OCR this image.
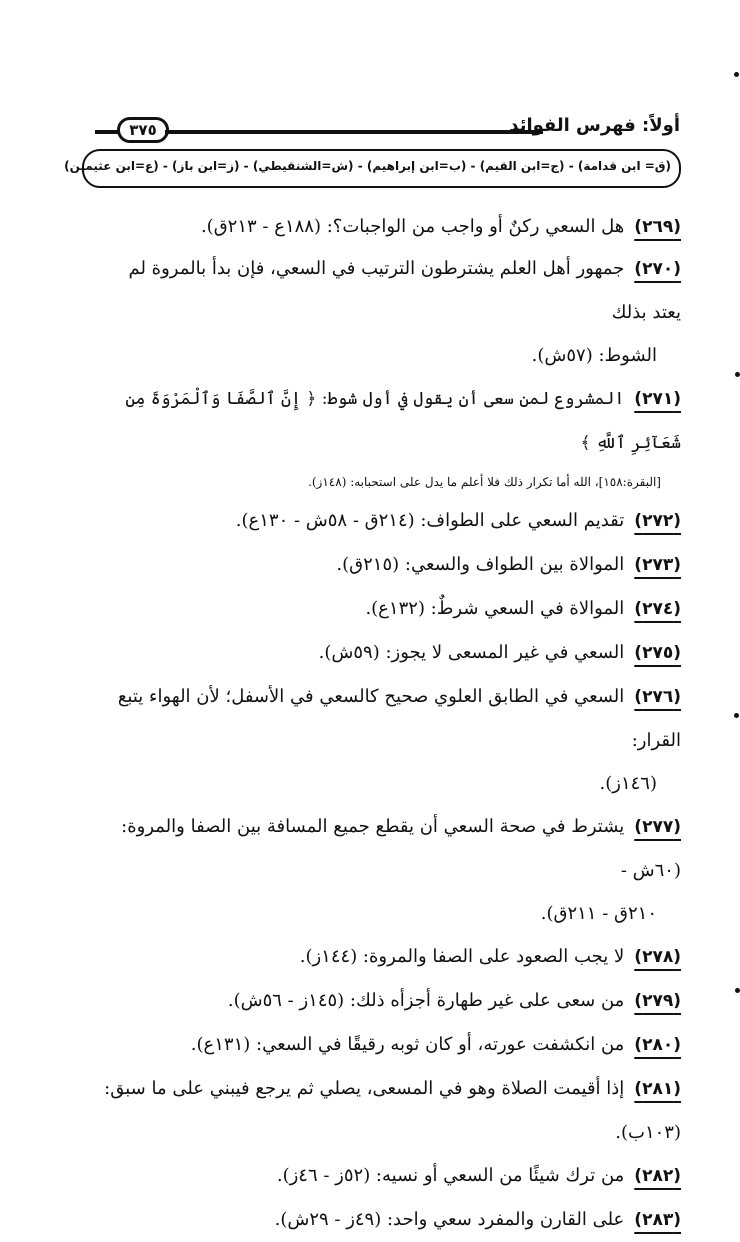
٣٧٥	أولاً: فهرس الفوائد
(ق= ابن قدامة) - (ج=ابن القيم) - (ب=ابن إبراهيم) - (ش=الشنقيطي) - (ز=ابن باز) - (ع=ابن عثيمين)

(٢٦٩)هل السعي ركنٌ أو واجب من الواجبات؟: (١٨٨ع - ٢١٣ق).

(٢٧٠)جمهور أهل العلم يشترطون الترتيب في السعي، فإن بدأ بالمروة لم يعتد بذلك

الشوط: (٥٧ش).

(٢٧١)المشروع لمن سعى أن يقول في أول شوط: ﴿ إِنَّ ٱلصَّفَا وَٱلْمَرْوَةَ مِن شَعَآئِرِ ٱللَّهِ ﴾

[البقرة:١٥٨]، الله أما تكرار ذلك فلا أعلم ما يدل على استحبابه: (١٤٨ز).

(٢٧٢)تقديم السعي على الطواف: (٢١٤ق - ٥٨ش - ١٣٠ع).

(٢٧٣)الموالاة بين الطواف والسعي: (٢١٥ق).

(٢٧٤)الموالاة في السعي شرطٌ: (١٣٢ع).

(٢٧٥)السعي في غير المسعى لا يجوز: (٥٩ش).

(٢٧٦)السعي في الطابق العلوي صحيح كالسعي في الأسفل؛ لأن الهواء يتبع القرار:

(١٤٦ز).

(٢٧٧)يشترط في صحة السعي أن يقطع جميع المسافة بين الصفا والمروة: (٦٠ش -

٢١٠ق - ٢١١ق).

(٢٧٨)لا يجب الصعود على الصفا والمروة: (١٤٤ز).

(٢٧٩)من سعى على غير طهارة أجزأه ذلك: (١٤٥ز - ٥٦ش).

(٢٨٠)من انكشفت عورته، أو كان ثوبه رقيقًا في السعي: (١٣١ع).

(٢٨١)إذا أقيمت الصلاة وهو في المسعى، يصلي ثم يرجع فيبني على ما سبق: (١٠٣ب).

(٢٨٢)من ترك شيئًا من السعي أو نسيه: (٥٢ز - ٤٦ز).

(٢٨٣)على القارن والمفرد سعي واحد: (٤٩ز - ٢٩ش).
